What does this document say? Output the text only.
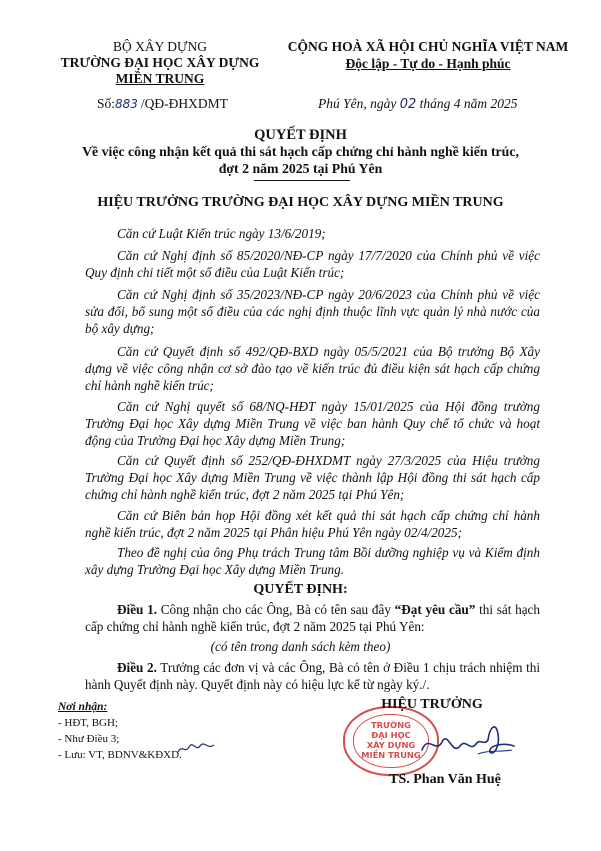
BỘ XÂY DỰNG
TRƯỜNG ĐẠI HỌC XÂY DỰNG
MIỀN TRUNG
CỘNG HOÀ XÃ HỘI CHỦ NGHĨA VIỆT NAM
Độc lập - Tự do - Hạnh phúc
Số:883 /QĐ-ĐHXDMT	Phú Yên, ngày 02 tháng 4 năm 2025
QUYẾT ĐỊNH
Về việc công nhận kết quả thi sát hạch cấp chứng chỉ hành nghề kiến trúc,
đợt 2 năm 2025 tại Phú Yên
HIỆU TRƯỞNG TRƯỜNG ĐẠI HỌC XÂY DỰNG MIỀN TRUNG
Căn cứ Luật Kiến trúc ngày 13/6/2019;
Căn cứ Nghị định số 85/2020/NĐ-CP ngày 17/7/2020 của Chính phủ về việc Quy định chi tiết một số điều của Luật Kiến trúc;
Căn cứ Nghị định số 35/2023/NĐ-CP ngày 20/6/2023 của Chính phủ về việc sửa đổi, bổ sung một số điều của các nghị định thuộc lĩnh vực quản lý nhà nước của bộ xây dựng;
Căn cứ Quyết định số 492/QĐ-BXD ngày 05/5/2021 của Bộ trưởng Bộ Xây dựng về việc công nhận cơ sở đào tạo về kiến trúc đủ điều kiện sát hạch cấp chứng chỉ hành nghề kiến trúc;
Căn cứ Nghị quyết số 68/NQ-HĐT ngày 15/01/2025 của Hội đồng trường Trường Đại học Xây dựng Miền Trung về việc ban hành Quy chế tổ chức và hoạt động của Trường Đại học Xây dựng Miền Trung;
Căn cứ Quyết định số 252/QĐ-ĐHXDMT ngày 27/3/2025 của Hiệu trưởng Trường Đại học Xây dựng Miền Trung về việc thành lập Hội đồng thi sát hạch cấp chứng chỉ hành nghề kiến trúc, đợt 2 năm 2025 tại Phú Yên;
Căn cứ Biên bản họp Hội đồng xét kết quả thi sát hạch cấp chứng chỉ hành nghề kiến trúc, đợt 2 năm 2025 tại Phân hiệu Phú Yên ngày 02/4/2025;
Theo đề nghị của ông Phụ trách Trung tâm Bồi dưỡng nghiệp vụ và Kiểm định xây dựng Trường Đại học Xây dựng Miền Trung.
QUYẾT ĐỊNH:
Điều 1. Công nhận cho các Ông, Bà có tên sau đây “Đạt yêu cầu” thi sát hạch cấp chứng chỉ hành nghề kiến trúc, đợt 2 năm 2025 tại Phú Yên:
(có tên trong danh sách kèm theo)
Điều 2. Trưởng các đơn vị và các Ông, Bà có tên ở Điều 1 chịu trách nhiệm thi hành Quyết định này. Quyết định này có hiệu lực kể từ ngày ký./.
Nơi nhận:
- HĐT, BGH;
- Như Điều 3;
- Lưu: VT, BDNV&KĐXD.
HIỆU TRƯỞNG
TRƯỜNG
ĐẠI HỌC
XÂY DỰNG
MIỀN TRUNG
TS. Phan Văn Huệ
